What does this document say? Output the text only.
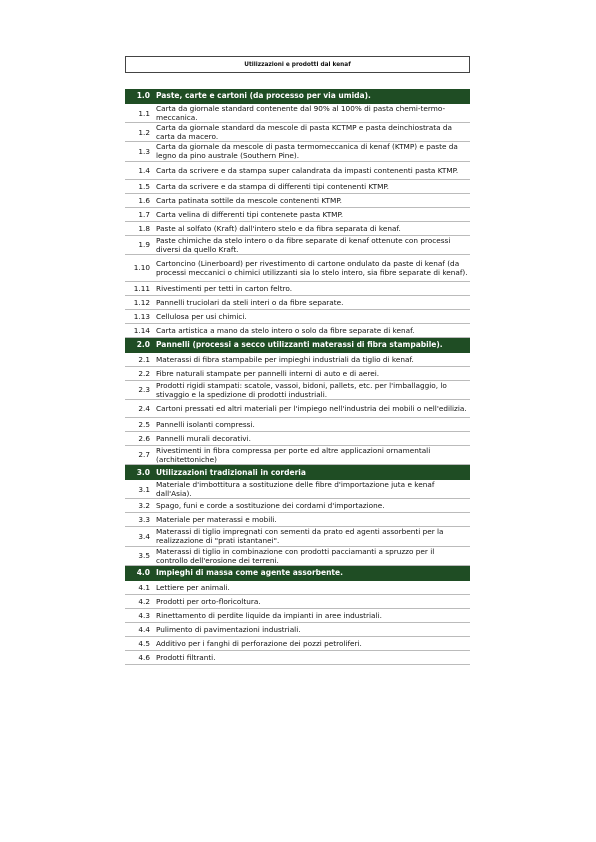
Utilizzazioni e prodotti dal kenaf
1.0	Paste, carte e cartoni (da processo per via umida).
1.1	Carta da giornale standard contenente dal 90% al 100% di pasta chemi-termo-meccanica.
1.2	Carta da giornale standard da mescole di pasta KCTMP e pasta deinchiostrata da carta da macero.
1.3	Carta da giornale da mescole di pasta termomeccanica di kenaf (KTMP) e paste da legno da pino australe (Southern Pine).
1.4	Carta da scrivere e da stampa super calandrata da impasti contenenti pasta KTMP.
1.5	Carta da scrivere e da stampa di differenti tipi contenenti KTMP.
1.6	Carta patinata sottile da mescole contenenti KTMP.
1.7	Carta velina di differenti tipi contenete pasta KTMP.
1.8	Paste al solfato (Kraft) dall'intero stelo e da fibra separata di kenaf.
1.9	Paste chimiche da stelo intero o da fibre separate di kenaf ottenute con processi diversi da quello Kraft.
1.10	Cartoncino (Linerboard) per rivestimento di cartone ondulato da paste di kenaf (da processi meccanici o chimici utilizzanti sia lo stelo intero, sia fibre separate di kenaf).
1.11	Rivestimenti per tetti in carton feltro.
1.12	Pannelli truciolari da steli interi o da fibre separate.
1.13	Cellulosa per usi chimici.
1.14	Carta artistica a mano da stelo intero o solo da fibre separate di kenaf.
2.0	Pannelli (processi a secco utilizzanti materassi di fibra stampabile).
2.1	Materassi di fibra stampabile per impieghi industriali da tiglio di kenaf.
2.2	Fibre naturali stampate per pannelli interni di auto e di aerei.
2.3	Prodotti rigidi stampati: scatole, vassoi, bidoni, pallets, etc. per l'imballaggio, lo stivaggio e la spedizione di prodotti industriali.
2.4	Cartoni pressati ed altri materiali per l'impiego nell'industria dei mobili o nell'edilizia.
2.5	Pannelli isolanti compressi.
2.6	Pannelli murali decorativi.
2.7	Rivestimenti in fibra compressa per porte ed altre applicazioni ornamentali (architettoniche)
3.0	Utilizzazioni tradizionali in corderia
3.1	Materiale d'imbottitura a sostituzione delle fibre d'importazione juta e kenaf dall'Asia).
3.2	Spago, funi e corde a sostituzione dei cordami d'importazione.
3.3	Materiale per materassi e mobili.
3.4	Materassi di tiglio impregnati con sementi da prato ed agenti assorbenti per la realizzazione di "prati istantanei".
3.5	Materassi di tiglio in combinazione con prodotti pacciamanti a spruzzo per il controllo dell'erosione dei terreni.
4.0	Impieghi di massa come agente assorbente.
4.1	Lettiere per animali.
4.2	Prodotti per orto-floricoltura.
4.3	Rinettamento di perdite liquide da impianti in aree industriali.
4.4	Pulimento di pavimentazioni industriali.
4.5	Additivo per i fanghi di perforazione dei pozzi petroliferi.
4.6	Prodotti filtranti.
